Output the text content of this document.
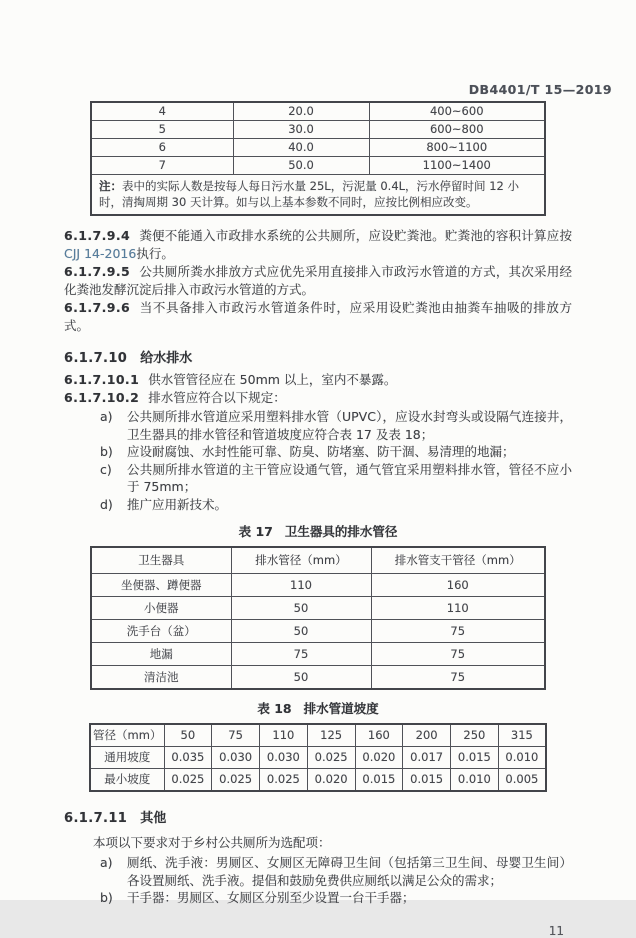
DB4401/T 15—2019
4	20.0	400~600
5	30.0	600~800
6	40.0	800~1100
7	50.0	1100~1400
注：表中的实际人数是按每人每日污水量 25L，污泥量 0.4L，污水停留时间 12 小时，清掏周期 30 天计算。如与以上基本参数不同时，应按比例相应改变。		

6.1.7.9.4 粪便不能通入市政排水系统的公共厕所，应设贮粪池。贮粪池的容积计算应按CJJ 14-2016执行。

6.1.7.9.5 公共厕所粪水排放方式应优先采用直接排入市政污水管道的方式，其次采用经化粪池发酵沉淀后排入市政污水管道的方式。

6.1.7.9.6 当不具备排入市政污水管道条件时，应采用设贮粪池由抽粪车抽吸的排放方式。

6.1.7.10 给水排水

6.1.7.10.1 供水管管径应在 50mm 以上，室内不暴露。

6.1.7.10.2 排水管应符合以下规定：

a)	公共厕所排水管道应采用塑料排水管（UPVC），应设水封弯头或设隔气连接井，卫生器具的排水管径和管道坡度应符合表 17 及表 18；
b)	应设耐腐蚀、水封性能可靠、防臭、防堵塞、防干涸、易清理的地漏；
c)	公共厕所排水管道的主干管应设通气管，通气管宜采用塑料排水管，管径不应小于 75mm；
d)	推广应用新技术。

表 17 卫生器具的排水管径

卫生器具	排水管径（mm）	排水管支干管径（mm）
坐便器、蹲便器	110	160
小便器	50	110
洗手台（盆）	50	75
地漏	75	75
清洁池	50	75

表 18 排水管道坡度

管径（mm）	50	75	110	125	160	200	250	315
通用坡度	0.035	0.030	0.030	0.025	0.020	0.017	0.015	0.010
最小坡度	0.025	0.025	0.025	0.020	0.015	0.015	0.010	0.005

6.1.7.11 其他

本项以下要求对于乡村公共厕所为选配项：

a)	厕纸、洗手液：男厕区、女厕区无障碍卫生间（包括第三卫生间、母婴卫生间）各设置厕纸、洗手液。提倡和鼓励免费供应厕纸以满足公众的需求；
b)	干手器：男厕区、女厕区分别至少设置一台干手器；
11
